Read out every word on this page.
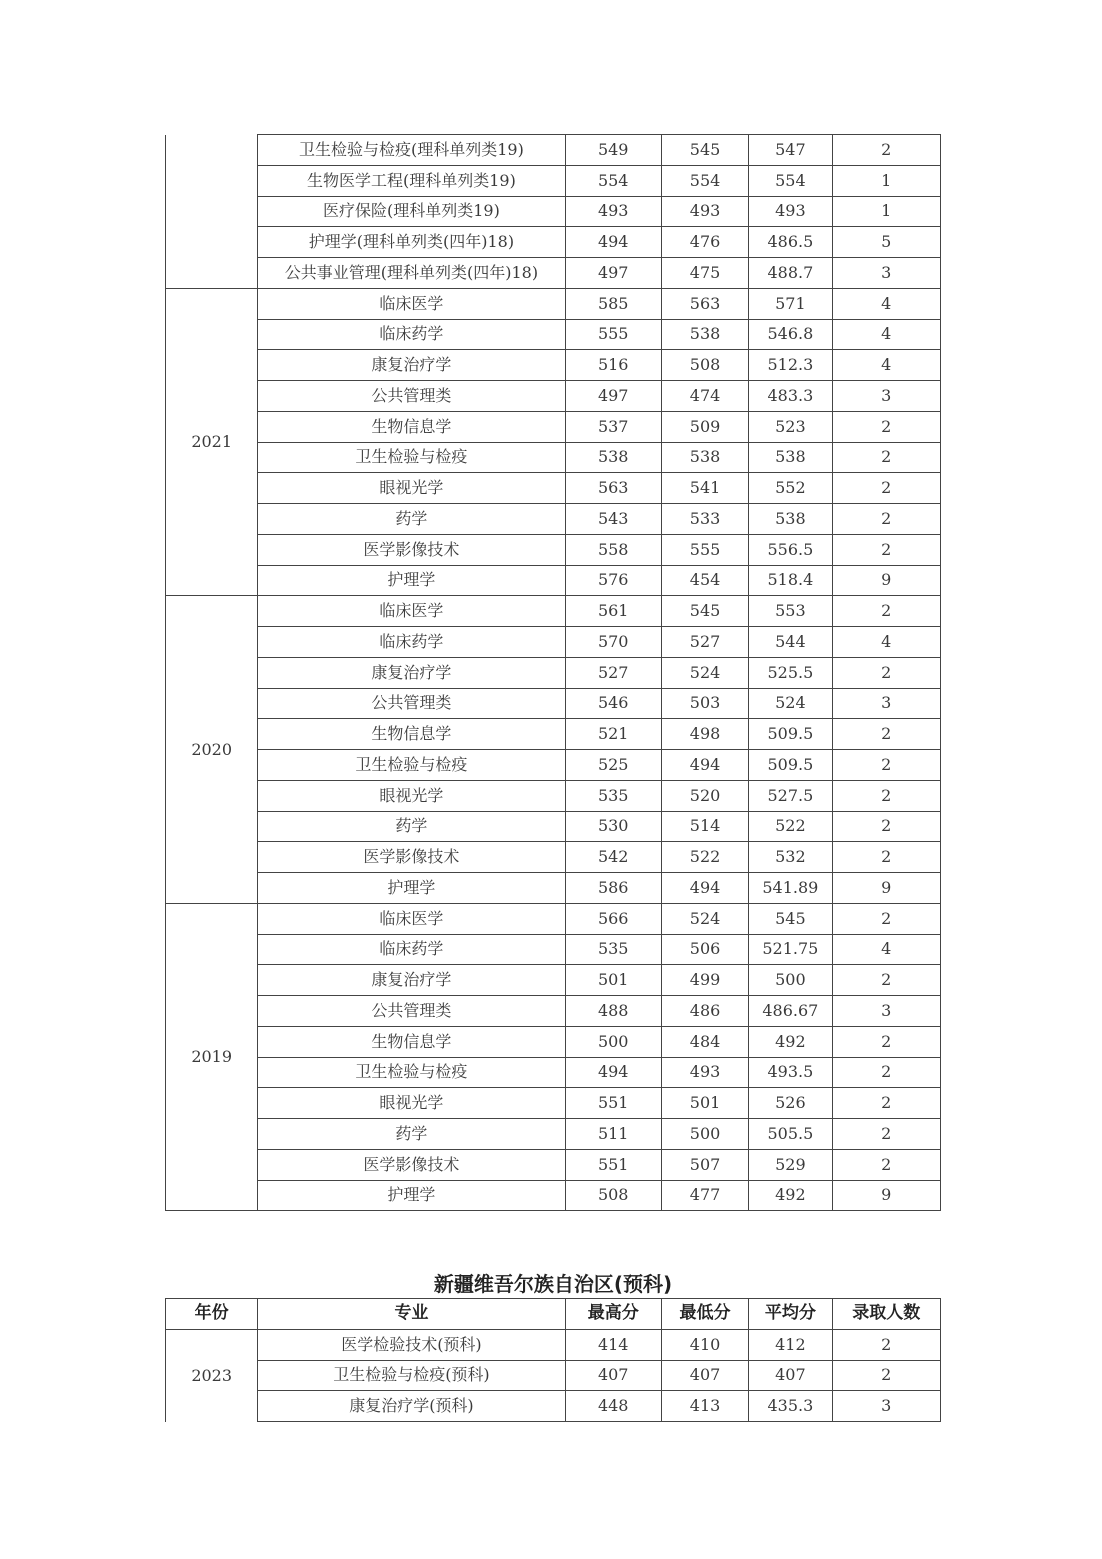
	卫生检验与检疫(理科单列类19)	549	545	547	2
	生物医学工程(理科单列类19)	554	554	554	1
	医疗保险(理科单列类19)	493	493	493	1
	护理学(理科单列类(四年)18)	494	476	486.5	5
	公共事业管理(理科单列类(四年)18)	497	475	488.7	3
2021	临床医学	585	563	571	4
	临床药学	555	538	546.8	4
	康复治疗学	516	508	512.3	4
	公共管理类	497	474	483.3	3
	生物信息学	537	509	523	2
	卫生检验与检疫	538	538	538	2
	眼视光学	563	541	552	2
	药学	543	533	538	2
	医学影像技术	558	555	556.5	2
	护理学	576	454	518.4	9
2020	临床医学	561	545	553	2
	临床药学	570	527	544	4
	康复治疗学	527	524	525.5	2
	公共管理类	546	503	524	3
	生物信息学	521	498	509.5	2
	卫生检验与检疫	525	494	509.5	2
	眼视光学	535	520	527.5	2
	药学	530	514	522	2
	医学影像技术	542	522	532	2
	护理学	586	494	541.89	9
2019	临床医学	566	524	545	2
	临床药学	535	506	521.75	4
	康复治疗学	501	499	500	2
	公共管理类	488	486	486.67	3
	生物信息学	500	484	492	2
	卫生检验与检疫	494	493	493.5	2
	眼视光学	551	501	526	2
	药学	511	500	505.5	2
	医学影像技术	551	507	529	2
	护理学	508	477	492	9
新疆维吾尔族自治区(预科)
年份	专业	最高分	最低分	平均分	录取人数
2023	医学检验技术(预科)	414	410	412	2
	卫生检验与检疫(预科)	407	407	407	2
	康复治疗学(预科)	448	413	435.3	3
